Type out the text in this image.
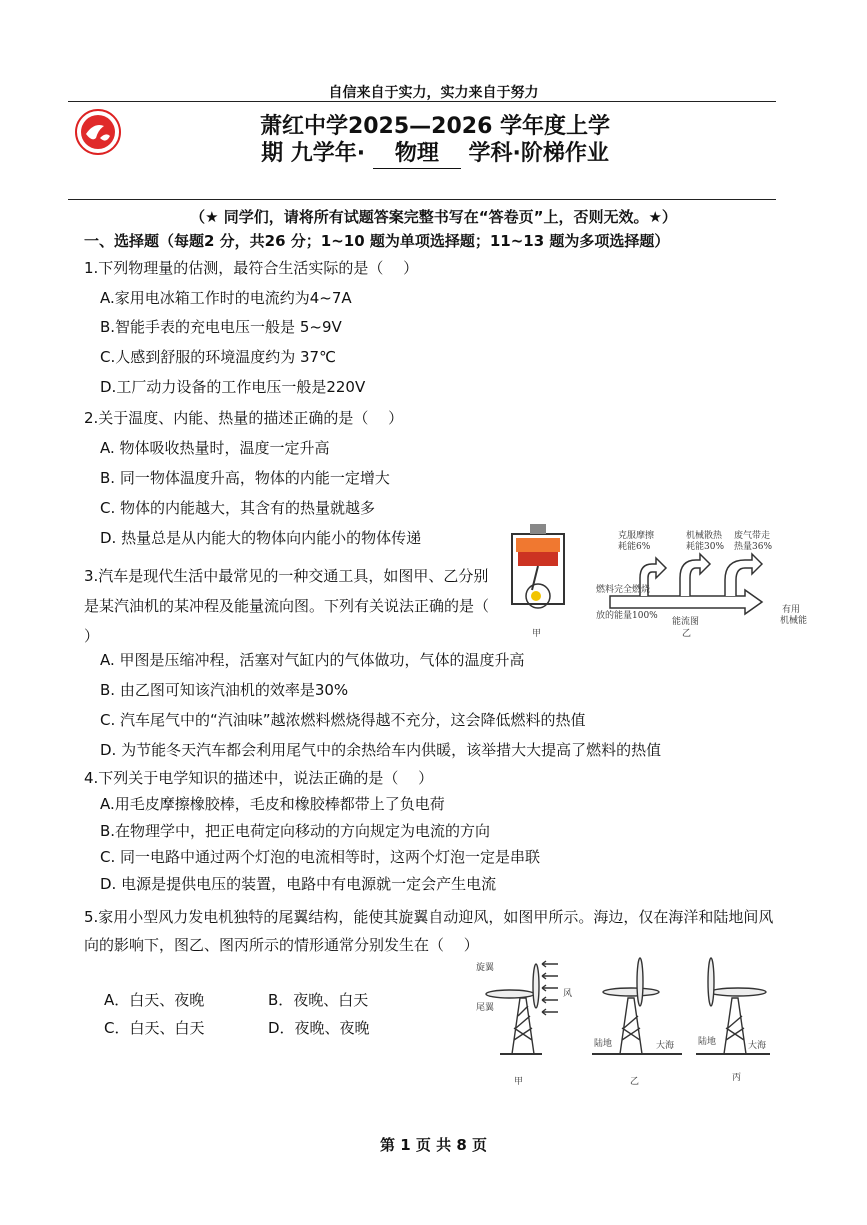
自信来自于实力，实力来自于努力
萧红中学2025—2026 学年度上学
期 九学年· 物理 学科·阶梯作业
（★ 同学们，请将所有试题答案完整书写在“答卷页”上，否则无效。★）
一、选择题（每题2 分，共26 分；1~10 题为单项选择题；11~13 题为多项选择题）
1.下列物理量的估测，最符合生活实际的是（　 ）
A.家用电冰箱工作时的电流约为4~7A
B.智能手表的充电电压一般是 5~9V
C.人感到舒服的环境温度约为 37℃
D.工厂动力设备的工作电压一般是220V
2.关于温度、内能、热量的描述正确的是（　 ）
A. 物体吸收热量时，温度一定升高
B. 同一物体温度升高，物体的内能一定增大
C. 物体的内能越大，其含有的热量就越多
D. 热量总是从内能大的物体向内能小的物体传递
3.汽车是现代生活中最常见的一种交通工具，如图甲、乙分别是某汽油机的某冲程及能量流向图。下列有关说法正确的是（　 ）
A. 甲图是压缩冲程，活塞对气缸内的气体做功，气体的温度升高
B. 由乙图可知该汽油机的效率是30%
C. 汽车尾气中的“汽油味”越浓燃料燃烧得越不充分，这会降低燃料的热值
D. 为节能冬天汽车都会利用尾气中的余热给车内供暖，该举措大大提高了燃料的热值
甲
克服摩擦
耗能6%
机械散热
耗能30%
废气带走
热量36%
燃料完全燃烧
放的能量100%
有用
机械能
能流图
乙
4.下列关于电学知识的描述中，说法正确的是（　 ）
A.用毛皮摩擦橡胶棒，毛皮和橡胶棒都带上了负电荷
B.在物理学中，把正电荷定向移动的方向规定为电流的方向
C. 同一电路中通过两个灯泡的电流相等时，这两个灯泡一定是串联
D. 电源是提供电压的装置，电路中有电源就一定会产生电流
5.家用小型风力发电机独特的尾翼结构，能使其旋翼自动迎风，如图甲所示。海边，仅在海洋和陆地间风向的影响下，图乙、图丙所示的情形通常分别发生在（　 ）
A．白天、夜晚	B．夜晚、白天
C．白天、白天	D．夜晚、夜晚
旋翼
风
尾翼
陆地	大海	陆地	大海
甲	乙	丙
第 1 页 共 8 页
